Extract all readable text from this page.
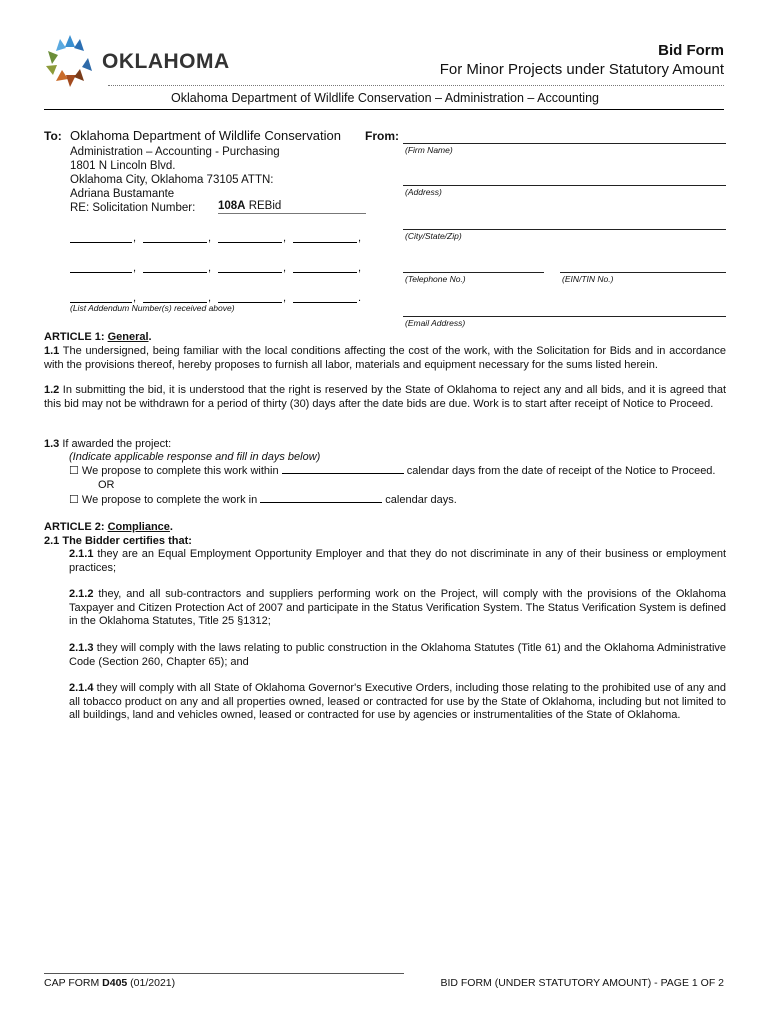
OKLAHOMA	Bid Form
For Minor Projects under Statutory Amount
Oklahoma Department of Wildlife Conservation – Administration – Accounting
To: Oklahoma Department of Wildlife Conservation
Administration – Accounting - Purchasing
1801 N Lincoln Blvd.
Oklahoma City, Oklahoma 73105 ATTN:
Adriana Bustamante
RE: Solicitation Number:	108A REBid
,	,	,	,
,	,	,	,
,	,	,	.
(List Addendum Number(s) received above)
From:
(Firm Name)
(Address)
(City/State/Zip)
(Telephone No.)	(EIN/TIN No.)
(Email Address)
ARTICLE 1: General.
1.1 The undersigned, being familiar with the local conditions affecting the cost of the work, with the Solicitation for Bids and in accordance with the provisions thereof, hereby proposes to furnish all labor, materials and equipment necessary for the sums listed herein.
1.2 In submitting the bid, it is understood that the right is reserved by the State of Oklahoma to reject any and all bids, and it is agreed that this bid may not be withdrawn for a period of thirty (30) days after the date bids are due. Work is to start after receipt of Notice to Proceed.
1.3 If awarded the project:
(Indicate applicable response and fill in days below)
☐ We propose to complete this work within	calendar days from the date of receipt of the Notice to Proceed.
OR
☐ We propose to complete the work in	calendar days.
ARTICLE 2: Compliance.
2.1 The Bidder certifies that:
2.1.1 they are an Equal Employment Opportunity Employer and that they do not discriminate in any of their business or employment practices;
2.1.2 they, and all sub-contractors and suppliers performing work on the Project, will comply with the provisions of the Oklahoma Taxpayer and Citizen Protection Act of 2007 and participate in the Status Verification System. The Status Verification System is defined in the Oklahoma Statutes, Title 25 §1312;
2.1.3 they will comply with the laws relating to public construction in the Oklahoma Statutes (Title 61) and the Oklahoma Administrative Code (Section 260, Chapter 65); and
2.1.4 they will comply with all State of Oklahoma Governor's Executive Orders, including those relating to the prohibited use of any and all tobacco product on any and all properties owned, leased or contracted for use by the State of Oklahoma, including but not limited to all buildings, land and vehicles owned, leased or contracted for use by agencies or instrumentalities of the State of Oklahoma.
CAP FORM D405 (01/2021)	BID FORM (UNDER STATUTORY AMOUNT) - PAGE 1 OF 2
